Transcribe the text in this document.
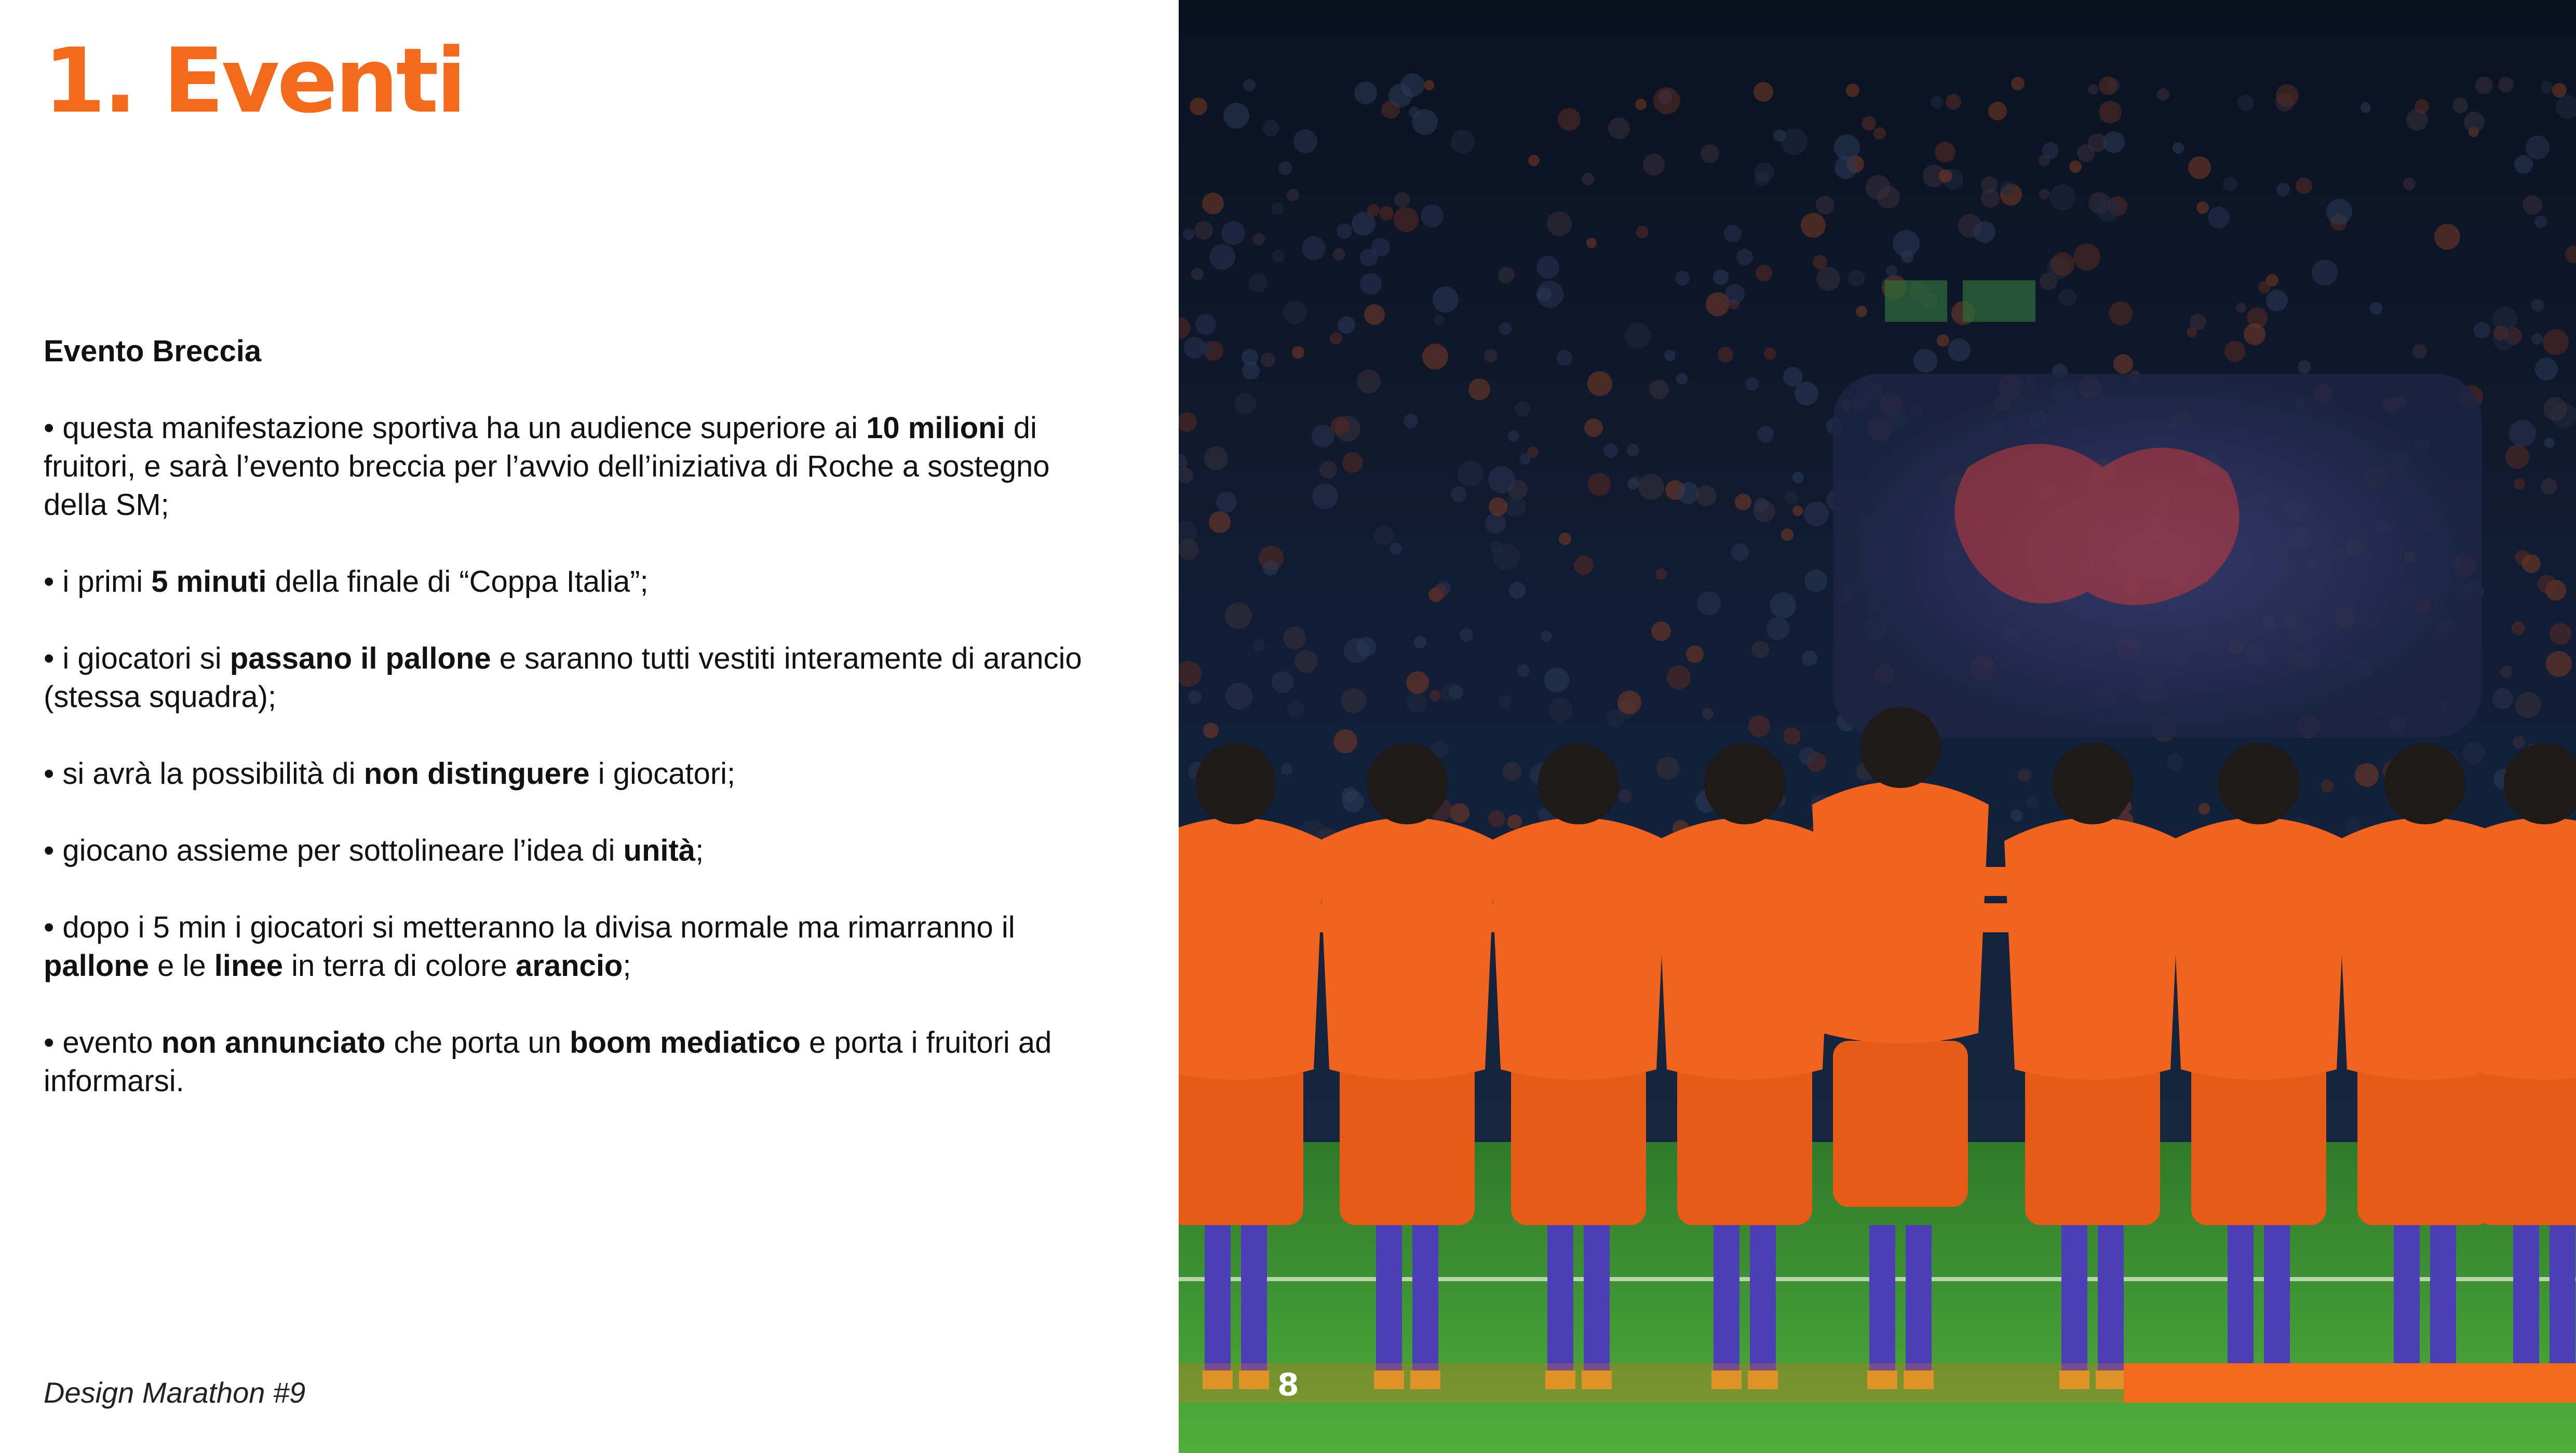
1. Eventi

Evento Breccia

• questa manifestazione sportiva ha un audience superiore ai 10 milioni di fruitori, e sarà l’evento breccia per l’avvio dell’iniziativa di Roche a sostegno della SM;

• i primi 5 minuti della finale di “Coppa Italia”;

• i giocatori si passano il pallone e saranno tutti vestiti interamente di arancio (stessa squadra);

• si avrà la possibilità di non distinguere i giocatori;

• giocano assieme per sottolineare l’idea di unità;

• dopo i 5 min i giocatori si metteranno la divisa normale ma rimarranno il pallone e le linee in terra di colore arancio;

• evento non annunciato che porta un boom mediatico e porta i fruitori ad informarsi.

Design Marathon #9	8
